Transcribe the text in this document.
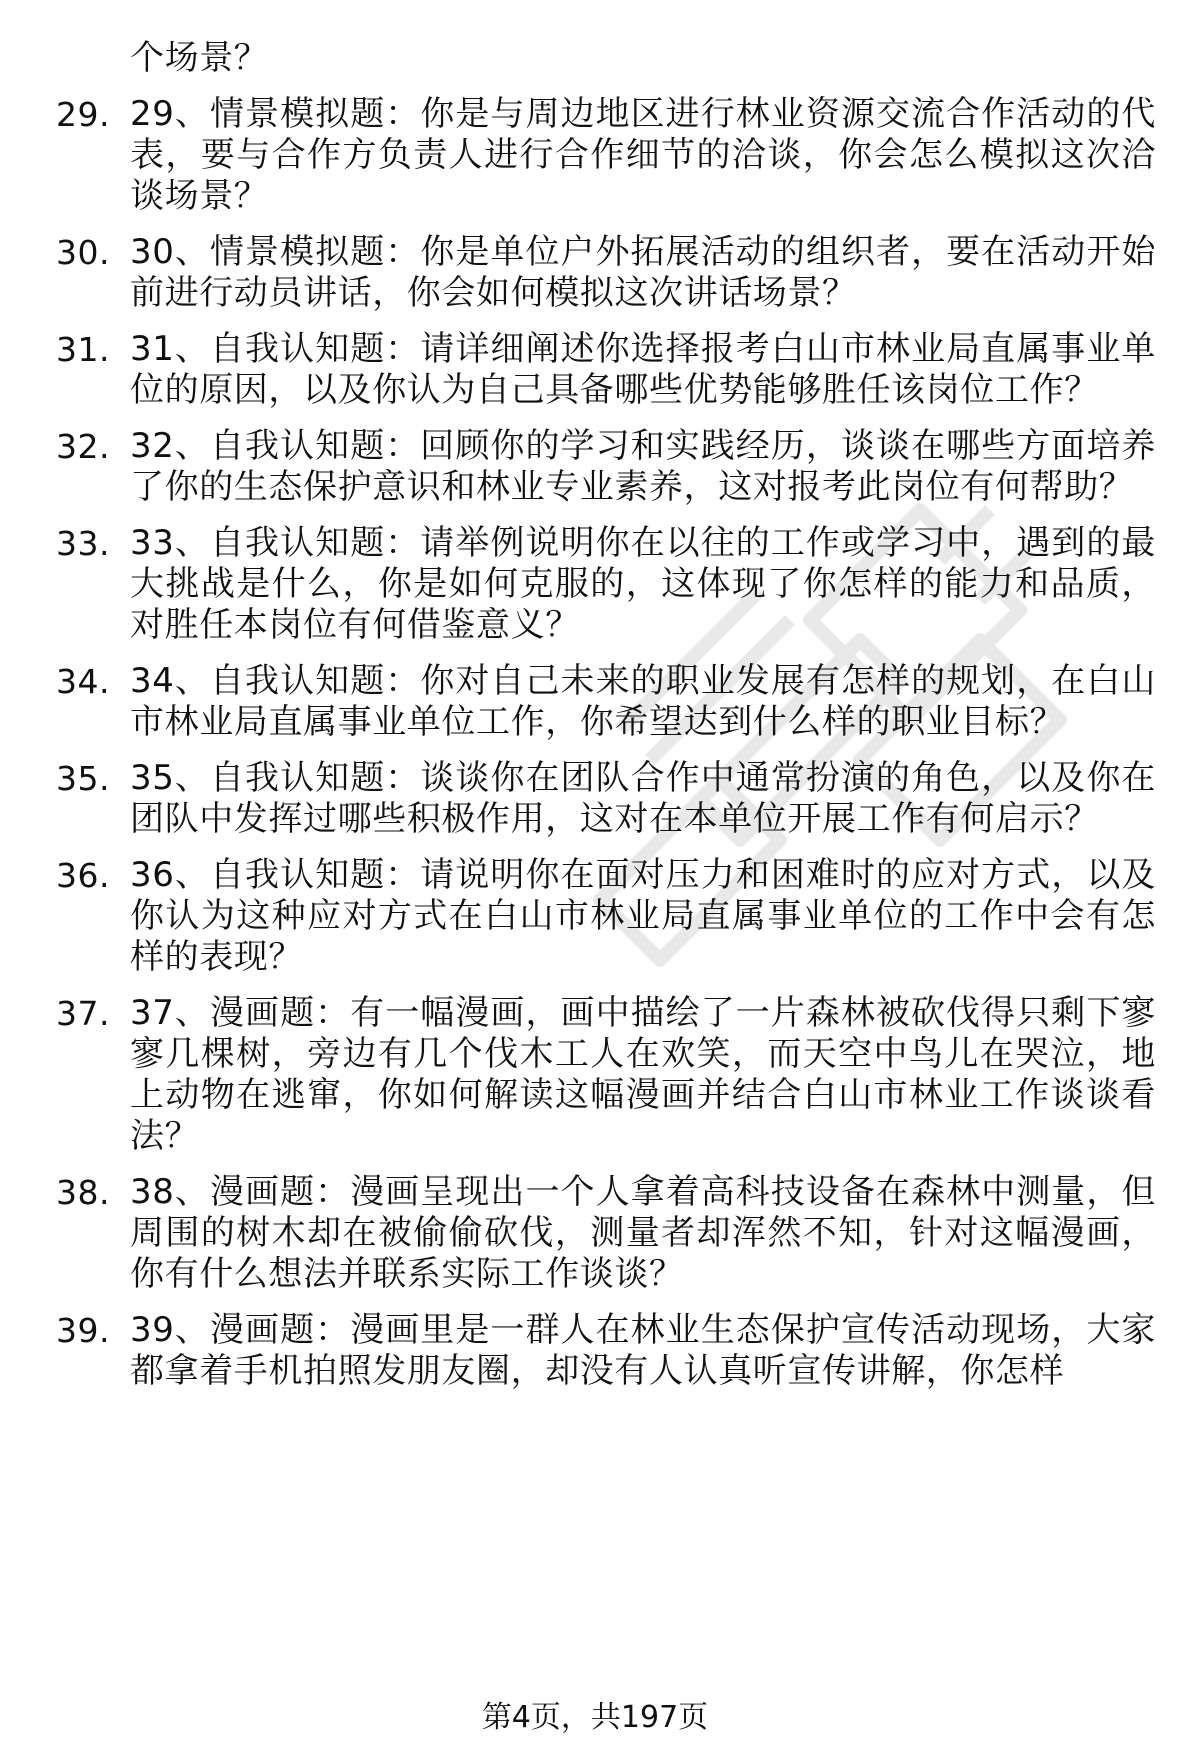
个场景？
29. 29、情景模拟题：你是与周边地区进行林业资源交流合作活动的代表，要与合作方负责人进行合作细节的洽谈，你会怎么模拟这次洽谈场景？
30. 30、情景模拟题：你是单位户外拓展活动的组织者，要在活动开始前进行动员讲话，你会如何模拟这次讲话场景？
31. 31、自我认知题：请详细阐述你选择报考白山市林业局直属事业单位的原因，以及你认为自己具备哪些优势能够胜任该岗位工作？
32. 32、自我认知题：回顾你的学习和实践经历，谈谈在哪些方面培养了你的生态保护意识和林业专业素养，这对报考此岗位有何帮助？
33. 33、自我认知题：请举例说明你在以往的工作或学习中，遇到的最大挑战是什么，你是如何克服的，这体现了你怎样的能力和品质，对胜任本岗位有何借鉴意义？
34. 34、自我认知题：你对自己未来的职业发展有怎样的规划，在白山市林业局直属事业单位工作，你希望达到什么样的职业目标？
35. 35、自我认知题：谈谈你在团队合作中通常扮演的角色，以及你在团队中发挥过哪些积极作用，这对在本单位开展工作有何启示？
36. 36、自我认知题：请说明你在面对压力和困难时的应对方式，以及你认为这种应对方式在白山市林业局直属事业单位的工作中会有怎样的表现？
37. 37、漫画题：有一幅漫画，画中描绘了一片森林被砍伐得只剩下寥寥几棵树，旁边有几个伐木工人在欢笑，而天空中鸟儿在哭泣，地上动物在逃窜，你如何解读这幅漫画并结合白山市林业工作谈谈看法？
38. 38、漫画题：漫画呈现出一个人拿着高科技设备在森林中测量，但周围的树木却在被偷偷砍伐，测量者却浑然不知，针对这幅漫画，你有什么想法并联系实际工作谈谈？
39. 39、漫画题：漫画里是一群人在林业生态保护宣传活动现场，大家都拿着手机拍照发朋友圈，却没有人认真听宣传讲解，你怎样
第4页，共197页
